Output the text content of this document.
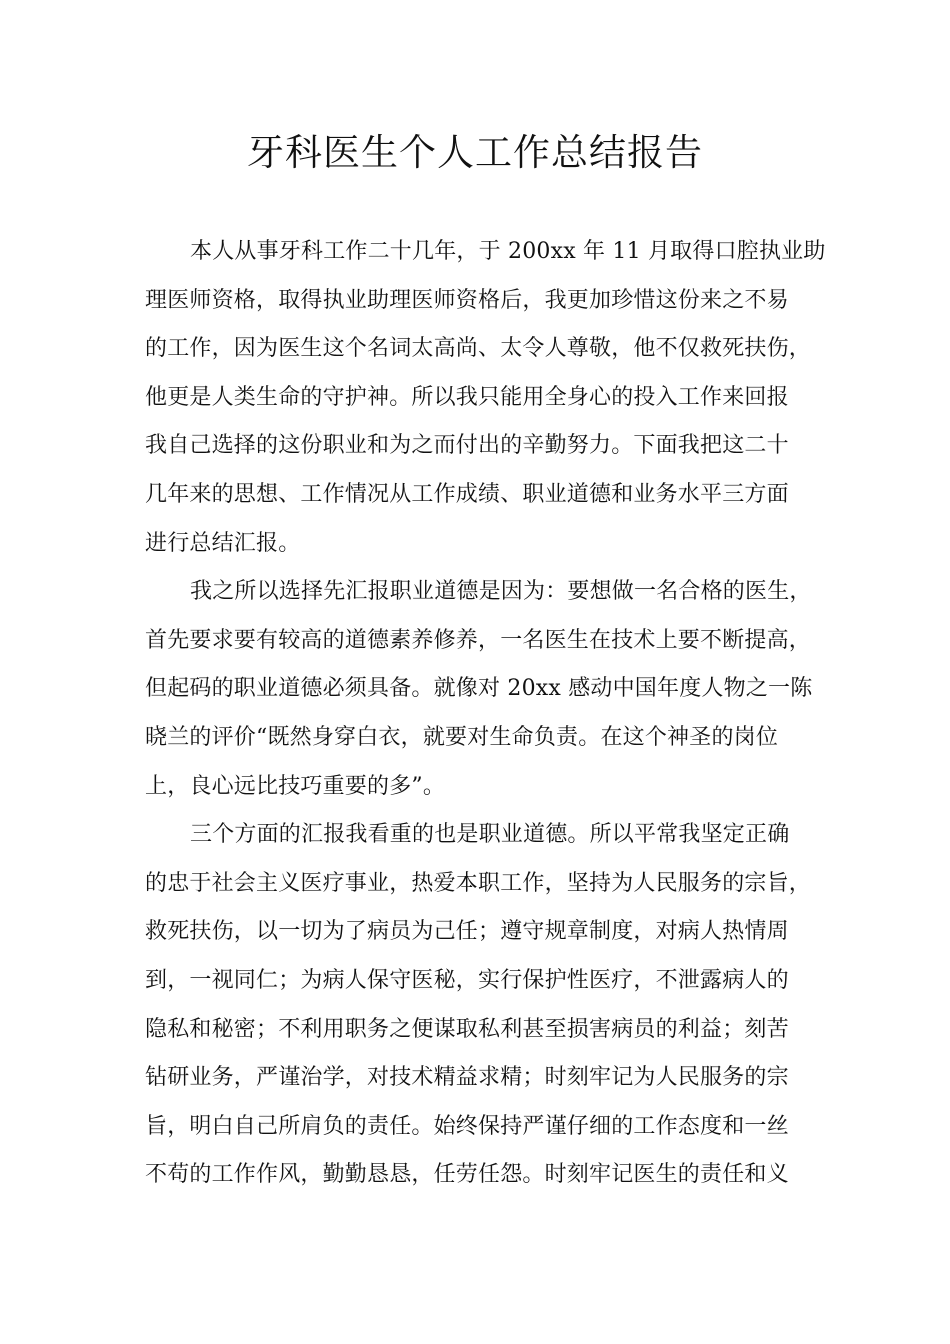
牙科医生个人工作总结报告
本人从事牙科工作二十几年，于 200xx 年 11 月取得口腔执业助
理医师资格，取得执业助理医师资格后，我更加珍惜这份来之不易
的工作，因为医生这个名词太高尚、太令人尊敬，他不仅救死扶伤，
他更是人类生命的守护神。所以我只能用全身心的投入工作来回报
我自己选择的这份职业和为之而付出的辛勤努力。下面我把这二十
几年来的思想、工作情况从工作成绩、职业道德和业务水平三方面
进行总结汇报。
我之所以选择先汇报职业道德是因为：要想做一名合格的医生，
首先要求要有较高的道德素养修养，一名医生在技术上要不断提高，
但起码的职业道德必须具备。就像对 20xx 感动中国年度人物之一陈
晓兰的评价“既然身穿白衣，就要对生命负责。在这个神圣的岗位
上，良心远比技巧重要的多”。
三个方面的汇报我看重的也是职业道德。所以平常我坚定正确
的忠于社会主义医疗事业，热爱本职工作，坚持为人民服务的宗旨，
救死扶伤，以一切为了病员为己任；遵守规章制度，对病人热情周
到，一视同仁；为病人保守医秘，实行保护性医疗，不泄露病人的
隐私和秘密；不利用职务之便谋取私利甚至损害病员的利益；刻苦
钻研业务，严谨治学，对技术精益求精；时刻牢记为人民服务的宗
旨，明白自己所肩负的责任。始终保持严谨仔细的工作态度和一丝
不苟的工作作风，勤勤恳恳，任劳任怨。时刻牢记医生的责任和义
